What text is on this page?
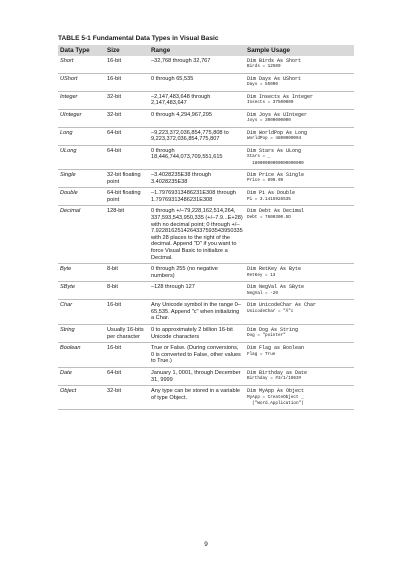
TABLE 5-1 Fundamental Data Types in Visual Basic
Data Type	Size	Range	Sample Usage
Short	16-bit	–32,768 through 32,767	Dim Birds As Short
Birds = 12500

UShort	16-bit	0 through 65,535	Dim Days As UShort
Days = 55000

Integer	32-bit	–2,147,483,648 through 2,147,483,647	Dim Insects As Integer
Insects = 37500000

UInteger	32-bit	0 through 4,294,967,295	Dim Joys As UInteger
Joys = 3000000000

Long	64-bit	–9,223,372,036,854,775,808 to 9,223,372,036,854,775,807	Dim WorldPop As Long
WorldPop = 4800000004

ULong	64-bit	0 through 18,446,744,073,709,551,615	Dim Stars As ULong
Stars = _
18000000000000000000

Single	32-bit floating point	–3.4028235E38 through 3.4028235E38	Dim Price As Single
Price = 899.99

Double	64-bit floating point	–1.79769313486231E308 through 1.79769313486231E308	Dim Pi As Double
Pi = 3.1415926535

Decimal	128-bit	0 through +/–79,228,162,514,264, 337,593,543,950,335 (+/–7.9...E+28) with no decimal point; 0 through +/–7.9228162514264337593543950335 with 28 places to the right of the decimal. Append "D" if you want to force Visual Basic to initialize a Decimal.	Dim Debt As Decimal
Debt = 7600300.5D

Byte	8-bit	0 through 255 (no negative numbers)	Dim RetKey As Byte
RetKey = 13

SByte	8-bit	–128 through 127	Dim NegVal As SByte
NegVal = -20

Char	16-bit	Any Unicode symbol in the range 0–65,535. Append "c" when initializing a Char.	Dim UnicodeChar As Char
UnicodeChar = "Ä"c

String	Usually 16-bits per character	0 to approximately 2 billion 16-bit Unicode characters	Dim Dog As String
Dog = "pointer"

Boolean	16-bit	True or False. (During conversions, 0 is converted to False, other values to True.)	Dim Flag as Boolean
Flag = True

Date	64-bit	January 1, 0001, through December 31, 9999	Dim Birthday as Date
Birthday = #3/1/1963#

Object	32-bit	Any type can be stored in a variable of type Object.	Dim MyApp As Object
MyApp = CreateObject _
("Word.Application")
9
